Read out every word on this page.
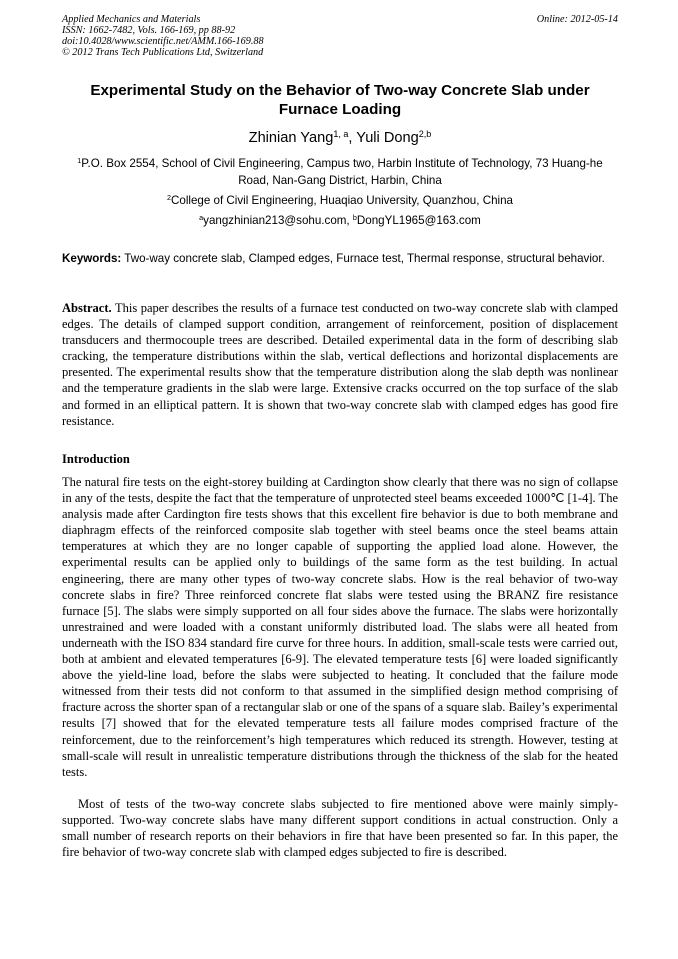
Applied Mechanics and Materials
ISSN: 1662-7482, Vols. 166-169, pp 88-92
doi:10.4028/www.scientific.net/AMM.166-169.88
© 2012 Trans Tech Publications Ltd, Switzerland
Online: 2012-05-14
Experimental Study on the Behavior of Two-way Concrete Slab under Furnace Loading
Zhinian Yang$^{1, a}$, Yuli Dong$^{2,b}$
$^1$P.O. Box 2554, School of Civil Engineering, Campus two, Harbin Institute of Technology, 73 Huang-he Road, Nan-Gang District, Harbin, China
$^2$College of Civil Engineering, Huaqiao University, Quanzhou, China
$^a$yangzhinian213@sohu.com, $^b$DongYL1965@163.com
Keywords: Two-way concrete slab, Clamped edges, Furnace test, Thermal response, structural behavior.
Abstract. This paper describes the results of a furnace test conducted on two-way concrete slab with clamped edges. The details of clamped support condition, arrangement of reinforcement, position of displacement transducers and thermocouple trees are described. Detailed experimental data in the form of describing slab cracking, the temperature distributions within the slab, vertical deflections and horizontal displacements are presented. The experimental results show that the temperature distribution along the slab depth was nonlinear and the temperature gradients in the slab were large. Extensive cracks occurred on the top surface of the slab and formed in an elliptical pattern. It is shown that two-way concrete slab with clamped edges has good fire resistance.
Introduction
The natural fire tests on the eight-storey building at Cardington show clearly that there was no sign of collapse in any of the tests, despite the fact that the temperature of unprotected steel beams exceeded 1000℃ [1-4]. The analysis made after Cardington fire tests shows that this excellent fire behavior is due to both membrane and diaphragm effects of the reinforced composite slab together with steel beams once the steel beams attain temperatures at which they are no longer capable of supporting the applied load alone. However, the experimental results can be applied only to buildings of the same form as the test building. In actual engineering, there are many other types of two-way concrete slabs. How is the real behavior of two-way concrete slabs in fire? Three reinforced concrete flat slabs were tested using the BRANZ fire resistance furnace [5]. The slabs were simply supported on all four sides above the furnace. The slabs were horizontally unrestrained and were loaded with a constant uniformly distributed load. The slabs were all heated from underneath with the ISO 834 standard fire curve for three hours. In addition, small-scale tests were carried out, both at ambient and elevated temperatures [6-9]. The elevated temperature tests [6] were loaded significantly above the yield-line load, before the slabs were subjected to heating. It concluded that the failure mode witnessed from their tests did not conform to that assumed in the simplified design method comprising of fracture across the shorter span of a rectangular slab or one of the spans of a square slab. Bailey’s experimental results [7] showed that for the elevated temperature tests all failure modes comprised fracture of the reinforcement, due to the reinforcement’s high temperatures which reduced its strength. However, testing at small-scale will result in unrealistic temperature distributions through the thickness of the slab for the heated tests.
Most of tests of the two-way concrete slabs subjected to fire mentioned above were mainly simply-supported. Two-way concrete slabs have many different support conditions in actual construction. Only a small number of research reports on their behaviors in fire that have been presented so far. In this paper, the fire behavior of two-way concrete slab with clamped edges subjected to fire is described.
